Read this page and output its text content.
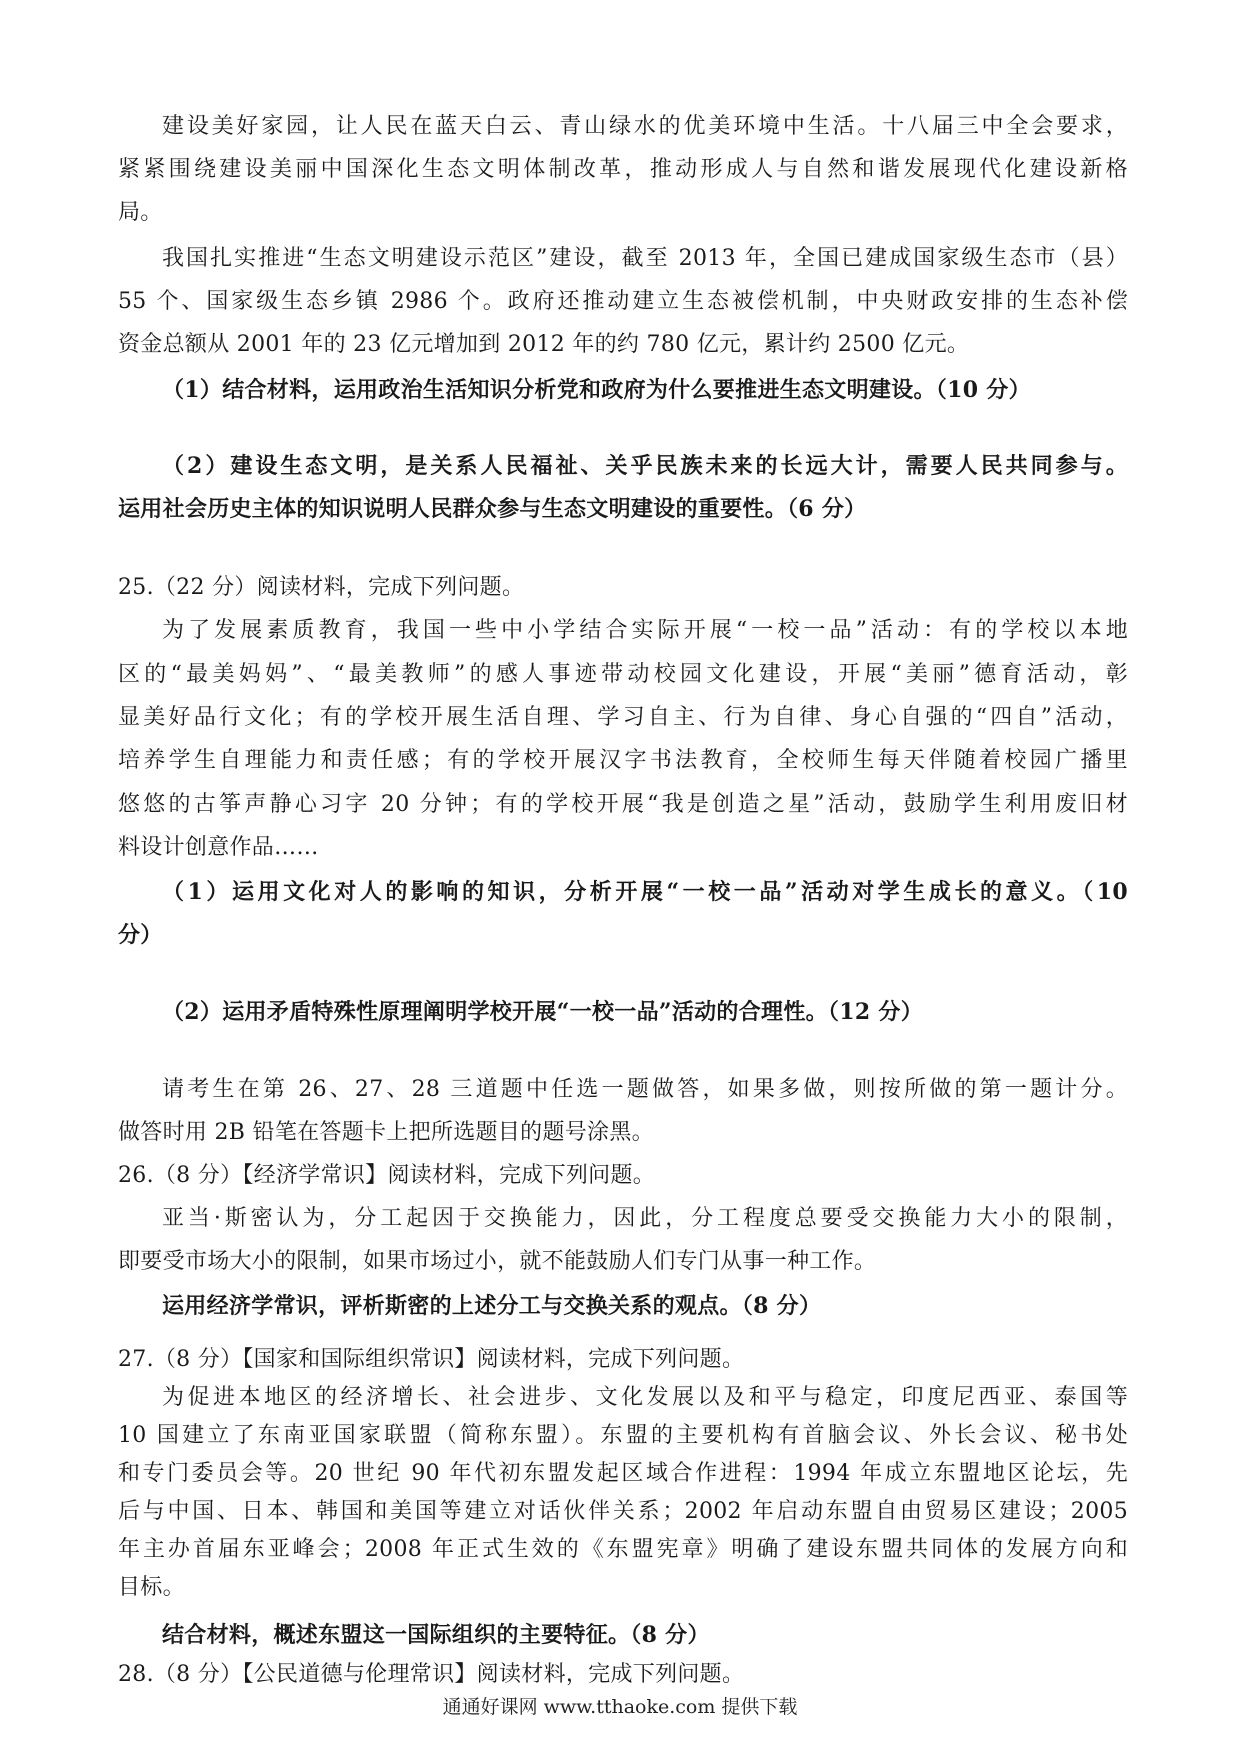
建设美好家园，让人民在蓝天白云、青山绿水的优美环境中生活。十八届三中全会要求，
紧紧围绕建设美丽中国深化生态文明体制改革，推动形成人与自然和谐发展现代化建设新格
局。
我国扎实推进“生态文明建设示范区”建设，截至 2013 年，全国已建成国家级生态市（县）
55 个、国家级生态乡镇 2986 个。政府还推动建立生态被偿机制，中央财政安排的生态补偿
资金总额从 2001 年的 23 亿元增加到 2012 年的约 780 亿元，累计约 2500 亿元。
（1）结合材料，运用政治生活知识分析党和政府为什么要推进生态文明建设。（10 分）
（2）建设生态文明，是关系人民福祉、关乎民族未来的长远大计，需要人民共同参与。
运用社会历史主体的知识说明人民群众参与生态文明建设的重要性。（6 分）
25.（22 分）阅读材料，完成下列问题。
为了发展素质教育，我国一些中小学结合实际开展“一校一品”活动：有的学校以本地
区的“最美妈妈”、“最美教师”的感人事迹带动校园文化建设，开展“美丽”德育活动，彰
显美好品行文化；有的学校开展生活自理、学习自主、行为自律、身心自强的“四自”活动，
培养学生自理能力和责任感；有的学校开展汉字书法教育，全校师生每天伴随着校园广播里
悠悠的古筝声静心习字 20 分钟；有的学校开展“我是创造之星”活动，鼓励学生利用废旧材
料设计创意作品……
（1）运用文化对人的影响的知识，分析开展“一校一品”活动对学生成长的意义。（10
分）
（2）运用矛盾特殊性原理阐明学校开展“一校一品”活动的合理性。（12 分）
请考生在第 26、27、28 三道题中任选一题做答，如果多做，则按所做的第一题计分。
做答时用 2B 铅笔在答题卡上把所选题目的题号涂黑。
26.（8 分）【经济学常识】阅读材料，完成下列问题。
亚当·斯密认为，分工起因于交换能力，因此，分工程度总要受交换能力大小的限制，
即要受市场大小的限制，如果市场过小，就不能鼓励人们专门从事一种工作。
运用经济学常识，评析斯密的上述分工与交换关系的观点。（8 分）
27.（8 分）【国家和国际组织常识】阅读材料，完成下列问题。
为促进本地区的经济增长、社会进步、文化发展以及和平与稳定，印度尼西亚、泰国等
10 国建立了东南亚国家联盟（简称东盟）。东盟的主要机构有首脑会议、外长会议、秘书处
和专门委员会等。20 世纪 90 年代初东盟发起区域合作进程：1994 年成立东盟地区论坛，先
后与中国、日本、韩国和美国等建立对话伙伴关系；2002 年启动东盟自由贸易区建设；2005
年主办首届东亚峰会；2008 年正式生效的《东盟宪章》明确了建设东盟共同体的发展方向和
目标。
结合材料，概述东盟这一国际组织的主要特征。（8 分）
28.（8 分）【公民道德与伦理常识】阅读材料，完成下列问题。
通通好课网 www.tthaoke.com 提供下载
